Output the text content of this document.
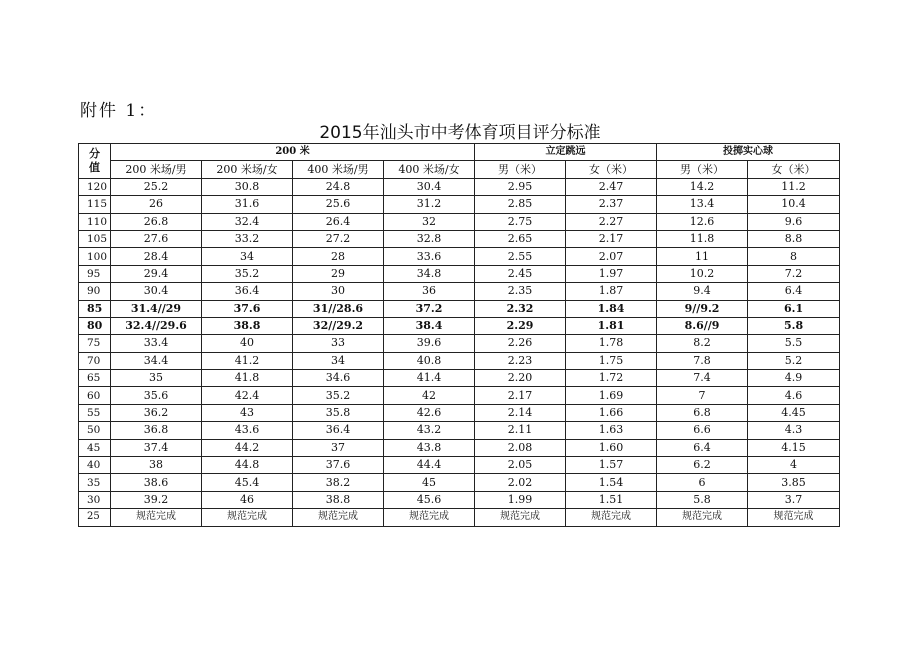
附件 1：
2015年汕头市中考体育项目评分标准
分
值	200 米				立定跳远		投掷实心球	
	200 米场/男	200 米场/女	400 米场/男	400 米场/女	男（米）	女（米）	男（米）	女（米）
120	25.2	30.8	24.8	30.4	2.95	2.47	14.2	11.2
115	26	31.6	25.6	31.2	2.85	2.37	13.4	10.4
110	26.8	32.4	26.4	32	2.75	2.27	12.6	9.6
105	27.6	33.2	27.2	32.8	2.65	2.17	11.8	8.8
100	28.4	34	28	33.6	2.55	2.07	11	8
95	29.4	35.2	29	34.8	2.45	1.97	10.2	7.2
90	30.4	36.4	30	36	2.35	1.87	9.4	6.4
85	31.4//29	37.6	31//28.6	37.2	2.32	1.84	9//9.2	6.1
80	32.4//29.6	38.8	32//29.2	38.4	2.29	1.81	8.6//9	5.8
75	33.4	40	33	39.6	2.26	1.78	8.2	5.5
70	34.4	41.2	34	40.8	2.23	1.75	7.8	5.2
65	35	41.8	34.6	41.4	2.20	1.72	7.4	4.9
60	35.6	42.4	35.2	42	2.17	1.69	7	4.6
55	36.2	43	35.8	42.6	2.14	1.66	6.8	4.45
50	36.8	43.6	36.4	43.2	2.11	1.63	6.6	4.3
45	37.4	44.2	37	43.8	2.08	1.60	6.4	4.15
40	38	44.8	37.6	44.4	2.05	1.57	6.2	4
35	38.6	45.4	38.2	45	2.02	1.54	6	3.85
30	39.2	46	38.8	45.6	1.99	1.51	5.8	3.7
25	规范完成	规范完成	规范完成	规范完成	规范完成	规范完成	规范完成	规范完成
